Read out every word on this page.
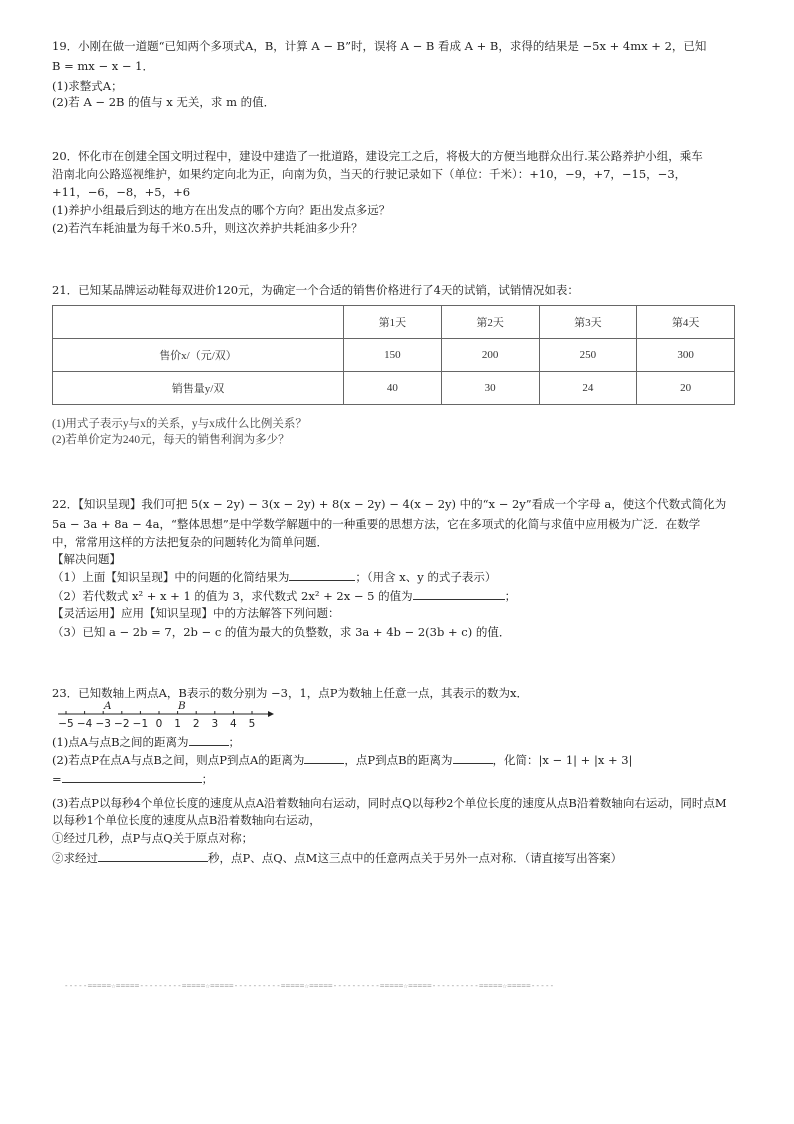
19．小刚在做一道题“已知两个多项式A，B，计算 A − B”时，误将 A − B 看成 A + B，求得的结果是 −5x + 4mx + 2，已知
B = mx − x − 1．
(1)求整式A；
(2)若 A − 2B 的值与 x 无关，求 m 的值．
20．怀化市在创建全国文明过程中，建设中建造了一批道路，建设完工之后，将极大的方便当地群众出行.某公路养护小组，乘车
沿南北向公路巡视维护，如果约定向北为正，向南为负，当天的行驶记录如下（单位：千米）：+10，−9，+7，−15，−3，
+11，−6，−8，+5，+6
(1)养护小组最后到达的地方在出发点的哪个方向？距出发点多远？
(2)若汽车耗油量为每千米0.5升，则这次养护共耗油多少升？
21．已知某品牌运动鞋每双进价120元，为确定一个合适的销售价格进行了4天的试销，试销情况如表：
	第1天	第2天	第3天	第4天
售价x/（元/双）	150	200	250	300
销售量y/双	40	30	24	20
(1)用式子表示y与x的关系，y与x成什么比例关系？
(2)若单价定为240元，每天的销售利润为多少？
22．【知识呈现】我们可把 5(x − 2y) − 3(x − 2y) + 8(x − 2y) − 4(x − 2y) 中的“x − 2y”看成一个字母 a，使这个代数式简化为
5a − 3a + 8a − 4a，“整体思想”是中学数学解题中的一种重要的思想方法，它在多项式的化简与求值中应用极为广泛．在数学
中，常常用这样的方法把复杂的问题转化为简单问题．
【解决问题】
（1）上面【知识呈现】中的问题的化简结果为	；（用含 x、y 的式子表示）
（2）若代数式 x² + x + 1 的值为 3，求代数式 2x² + 2x − 5 的值为	；
【灵活运用】应用【知识呈现】中的方法解答下列问题：
（3）已知 a − 2b = 7，2b − c 的值为最大的负整数，求 3a + 4b − 2(3b + c) 的值．
23．已知数轴上两点A，B表示的数分别为 −3，1，点P为数轴上任意一点，其表示的数为x．
A	B
−5 −4 −3 −2 −1 0 1 2 3 4 5
(1)点A与点B之间的距离为	；
(2)若点P在点A与点B之间，则点P到点A的距离为	，点P到点B的距离为	，化简：|x − 1| + |x + 3|
=	；
(3)若点P以每秒4个单位长度的速度从点A沿着数轴向右运动，同时点Q以每秒2个单位长度的速度从点B沿着数轴向右运动，同时点M
以每秒1个单位长度的速度从点B沿着数轴向右运动，
①经过几秒，点P与点Q关于原点对称；
②求经过	秒，点P、点Q、点M这三点中的任意两点关于另外一点对称．（请直接写出答案）
-----=====☆=====---------=====☆=====----------=====☆=====----------=====☆=====----------=====☆=====-----
